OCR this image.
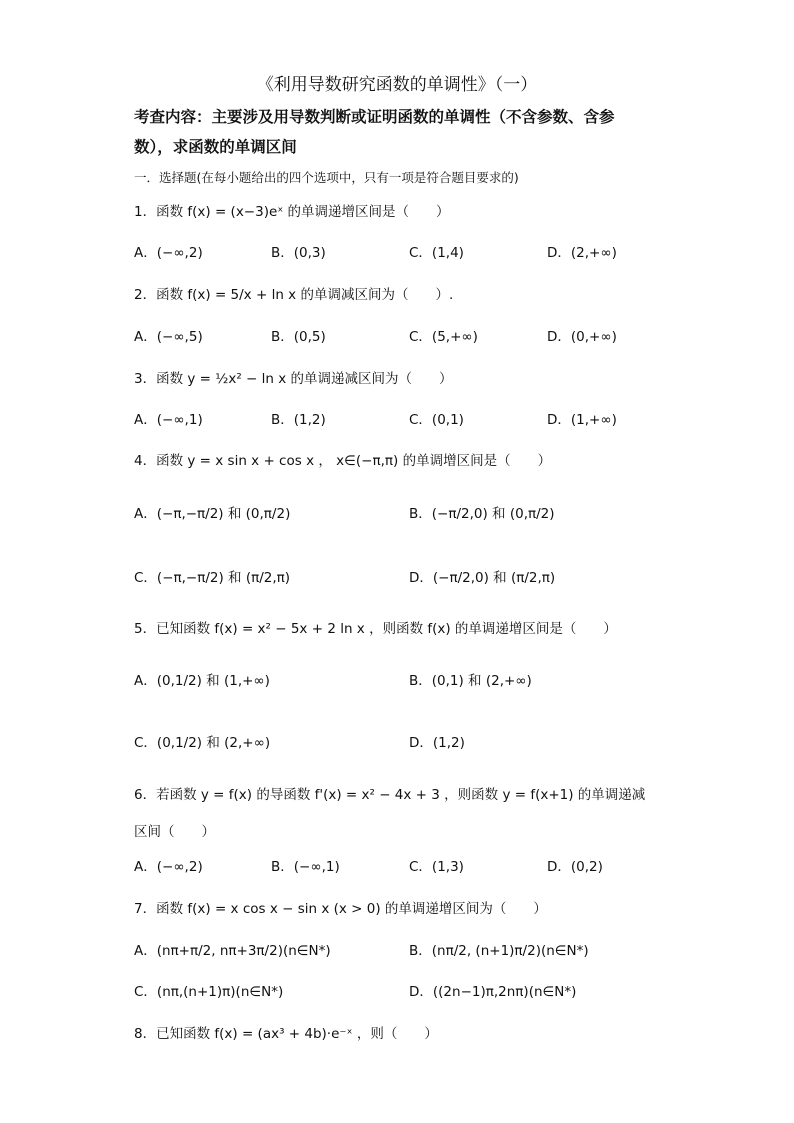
《利用导数研究函数的单调性》（一）
考查内容：主要涉及用导数判断或证明函数的单调性（不含参数、含参
数），求函数的单调区间
一．选择题(在每小题给出的四个选项中，只有一项是符合题目要求的)
1．函数 f(x) = (x−3)eˣ 的单调递增区间是（　　）
A．(−∞,2)	B．(0,3)	C．(1,4)	D．(2,+∞)
2．函数 f(x) = 5/x + ln x 的单调减区间为（　　）.
A．(−∞,5)	B．(0,5)	C．(5,+∞)	D．(0,+∞)
3．函数 y = ½x² − ln x 的单调递减区间为（　　）
A．(−∞,1)	B．(1,2)	C．(0,1)	D．(1,+∞)
4．函数 y = x sin x + cos x ， x∈(−π,π) 的单调增区间是（　　）
A．(−π,−π/2) 和 (0,π/2)	B．(−π/2,0) 和 (0,π/2)
C．(−π,−π/2) 和 (π/2,π)	D．(−π/2,0) 和 (π/2,π)
5．已知函数 f(x) = x² − 5x + 2 ln x ，则函数 f(x) 的单调递增区间是（　　）
A．(0,1/2) 和 (1,+∞)	B．(0,1) 和 (2,+∞)
C．(0,1/2) 和 (2,+∞)	D．(1,2)
6．若函数 y = f(x) 的导函数 f'(x) = x² − 4x + 3 ，则函数 y = f(x+1) 的单调递减
区间（　　）
A．(−∞,2)	B．(−∞,1)	C．(1,3)	D．(0,2)
7．函数 f(x) = x cos x − sin x (x > 0) 的单调递增区间为（　　）
A．(nπ+π/2, nπ+3π/2)(n∈N*)	B．(nπ/2, (n+1)π/2)(n∈N*)
C．(nπ,(n+1)π)(n∈N*)	D．((2n−1)π,2nπ)(n∈N*)
8．已知函数 f(x) = (ax³ + 4b)·e⁻ˣ ，则（　　）
